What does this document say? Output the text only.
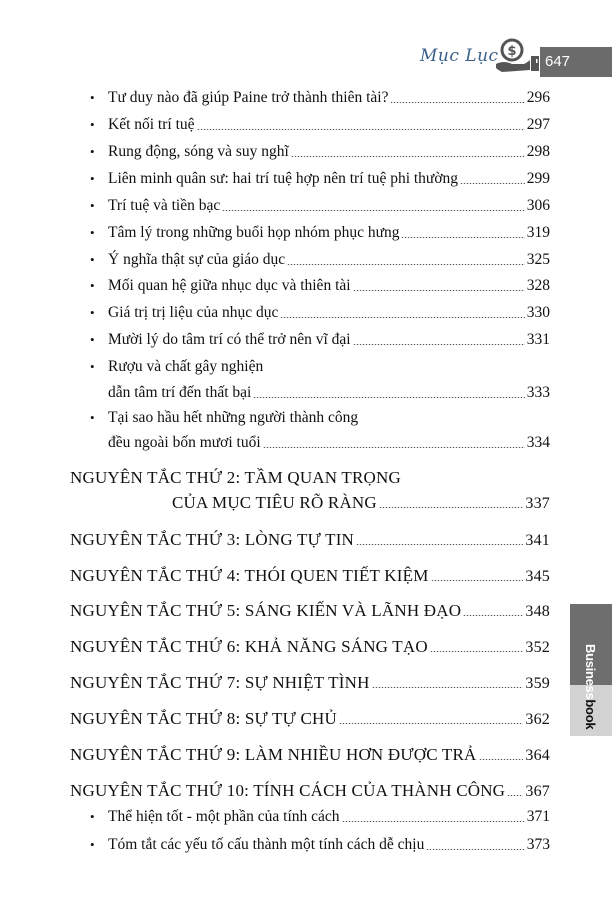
Mục Lục $
647
• Tư duy nào đã giúp Paine trở thành thiên tài?	296
• Kết nối trí tuệ	297
• Rung động, sóng và suy nghĩ	298
• Liên minh quân sư: hai trí tuệ hợp nên trí tuệ phi thường	299
• Trí tuệ và tiền bạc	306
• Tâm lý trong những buổi họp nhóm phục hưng	319
• Ý nghĩa thật sự của giáo dục	325
• Mối quan hệ giữa nhục dục và thiên tài	328
• Giá trị trị liệu của nhục dục	330
• Mười lý do tâm trí có thể trở nên vĩ đại	331
• Rượu và chất gây nghiện
dẫn tâm trí đến thất bại	333
• Tại sao hầu hết những người thành công
đều ngoài bốn mươi tuổi	334
NGUYÊN TẮC THỨ 2: TẦM QUAN TRỌNG
CỦA MỤC TIÊU RÕ RÀNG	337
NGUYÊN TẮC THỨ 3: LÒNG TỰ TIN	341
NGUYÊN TẮC THỨ 4: THÓI QUEN TIẾT KIỆM	345
NGUYÊN TẮC THỨ 5: SÁNG KIẾN VÀ LÃNH ĐẠO	348
NGUYÊN TẮC THỨ 6: KHẢ NĂNG SÁNG TẠO	352
NGUYÊN TẮC THỨ 7: SỰ NHIỆT TÌNH	359
NGUYÊN TẮC THỨ 8: SỰ TỰ CHỦ	362
NGUYÊN TẮC THỨ 9: LÀM NHIỀU HƠN ĐƯỢC TRẢ	364
NGUYÊN TẮC THỨ 10: TÍNH CÁCH CỦA THÀNH CÔNG 367
• Thể hiện tốt - một phần của tính cách	371
• Tóm tắt các yếu tố cấu thành một tính cách dễ chịu	373
Businessbook
